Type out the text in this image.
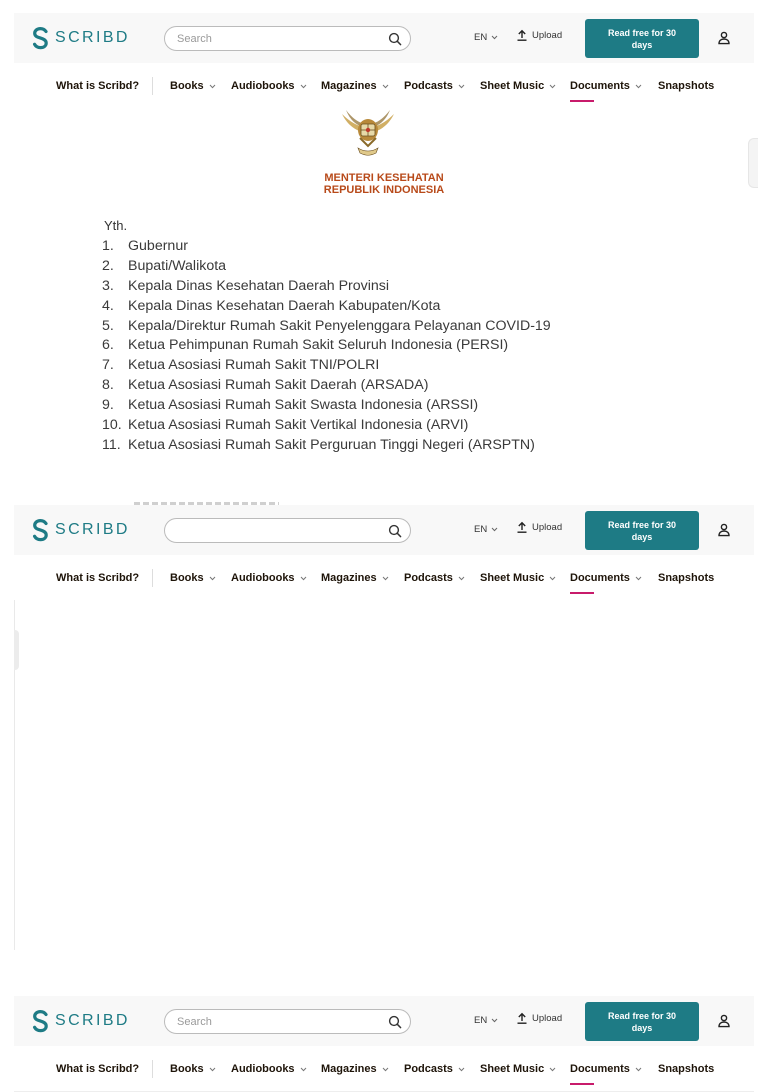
SCRIBD
Search	EN	Upload	Read free for 30 days
What is Scribd?	Books Audiobooks Magazines Podcasts Sheet Music Documents	Snapshots
MENTERI KESEHATAN
REPUBLIK INDONESIA
Yth.
1. Gubernur
2. Bupati/Walikota
3. Kepala Dinas Kesehatan Daerah Provinsi
4. Kepala Dinas Kesehatan Daerah Kabupaten/Kota
5. Kepala/Direktur Rumah Sakit Penyelenggara Pelayanan COVID-19
6. Ketua Pehimpunan Rumah Sakit Seluruh Indonesia (PERSI)
7. Ketua Asosiasi Rumah Sakit TNI/POLRI
8. Ketua Asosiasi Rumah Sakit Daerah (ARSADA)
9. Ketua Asosiasi Rumah Sakit Swasta Indonesia (ARSSI)
10. Ketua Asosiasi Rumah Sakit Vertikal Indonesia (ARVI)
11. Ketua Asosiasi Rumah Sakit Perguruan Tinggi Negeri (ARSPTN)
SCRIBD	EN	Upload	Read free for 30 days
What is Scribd?	Books Audiobooks Magazines Podcasts Sheet Music Documents	Snapshots
SCRIBD
Search	EN	Upload	Read free for 30 days
What is Scribd?	Books Audiobooks Magazines Podcasts Sheet Music Documents	Snapshots
